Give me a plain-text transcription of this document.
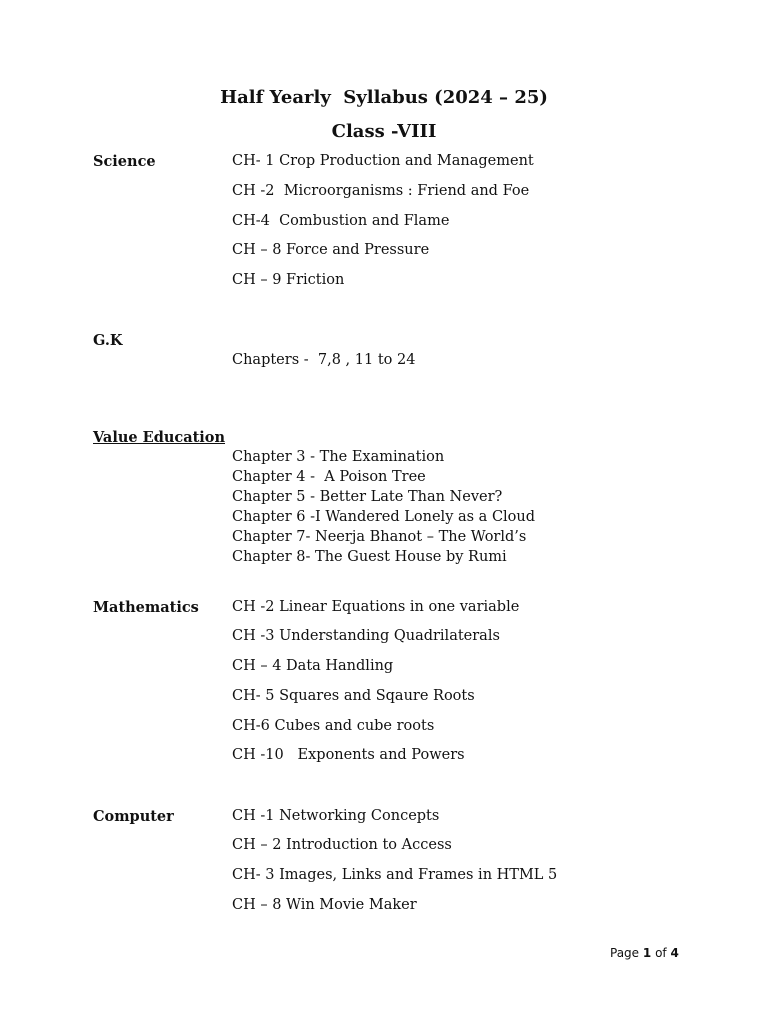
Half Yearly  Syllabus (2024 – 25)
Class -VIII
Science	CH- 1 Crop Production and Management
CH -2  Microorganisms : Friend and Foe
CH-4  Combustion and Flame
CH – 8 Force and Pressure
CH – 9 Friction
G.K
Chapters -  7,8 , 11 to 24
Value Education
Chapter 3 - The Examination
Chapter 4 -  A Poison Tree
Chapter 5 - Better Late Than Never?
Chapter 6 -I Wandered Lonely as a Cloud
Chapter 7- Neerja Bhanot – The World’s
Chapter 8- The Guest House by Rumi
Mathematics CH -2 Linear Equations in one variable
CH -3 Understanding Quadrilaterals
CH – 4 Data Handling
CH- 5 Squares and Sqaure Roots
CH-6 Cubes and cube roots
CH -10   Exponents and Powers
Computer	CH -1 Networking Concepts
CH – 2 Introduction to Access
CH- 3 Images, Links and Frames in HTML 5
CH – 8 Win Movie Maker
Page 1 of 4
